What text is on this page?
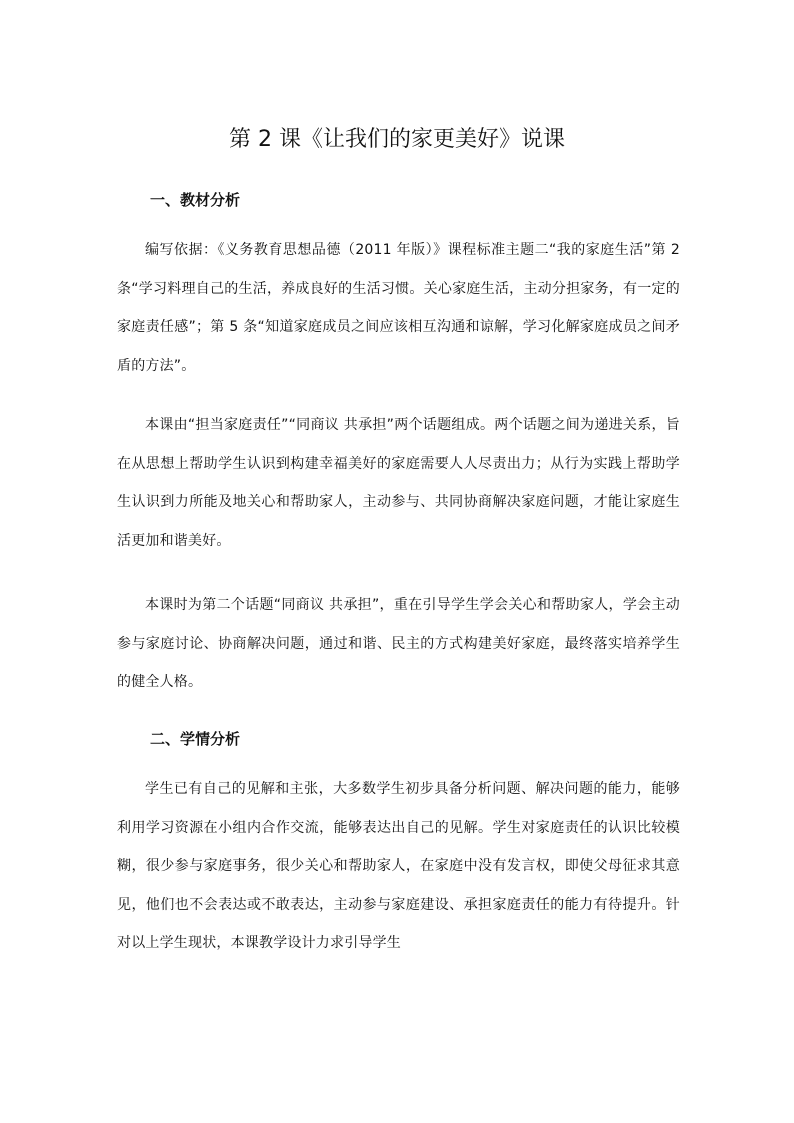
第 2 课《让我们的家更美好》说课
一、教材分析

编写依据：《义务教育思想品德（2011 年版）》课程标准主题二“我的家庭生活”第 2 条“学习料理自己的生活，养成良好的生活习惯。关心家庭生活，主动分担家务，有一定的家庭责任感”；第 5 条“知道家庭成员之间应该相互沟通和谅解，学习化解家庭成员之间矛盾的方法”。

本课由“担当家庭责任”“同商议 共承担”两个话题组成。两个话题之间为递进关系，旨在从思想上帮助学生认识到构建幸福美好的家庭需要人人尽责出力；从行为实践上帮助学生认识到力所能及地关心和帮助家人，主动参与、共同协商解决家庭问题，才能让家庭生活更加和谐美好。

本课时为第二个话题“同商议 共承担”，重在引导学生学会关心和帮助家人，学会主动参与家庭讨论、协商解决问题，通过和谐、民主的方式构建美好家庭，最终落实培养学生的健全人格。

二、学情分析

学生已有自己的见解和主张，大多数学生初步具备分析问题、解决问题的能力，能够利用学习资源在小组内合作交流，能够表达出自己的见解。学生对家庭责任的认识比较模糊，很少参与家庭事务，很少关心和帮助家人，在家庭中没有发言权，即使父母征求其意见，他们也不会表达或不敢表达，主动参与家庭建设、承担家庭责任的能力有待提升。针对以上学生现状，本课教学设计力求引导学生
